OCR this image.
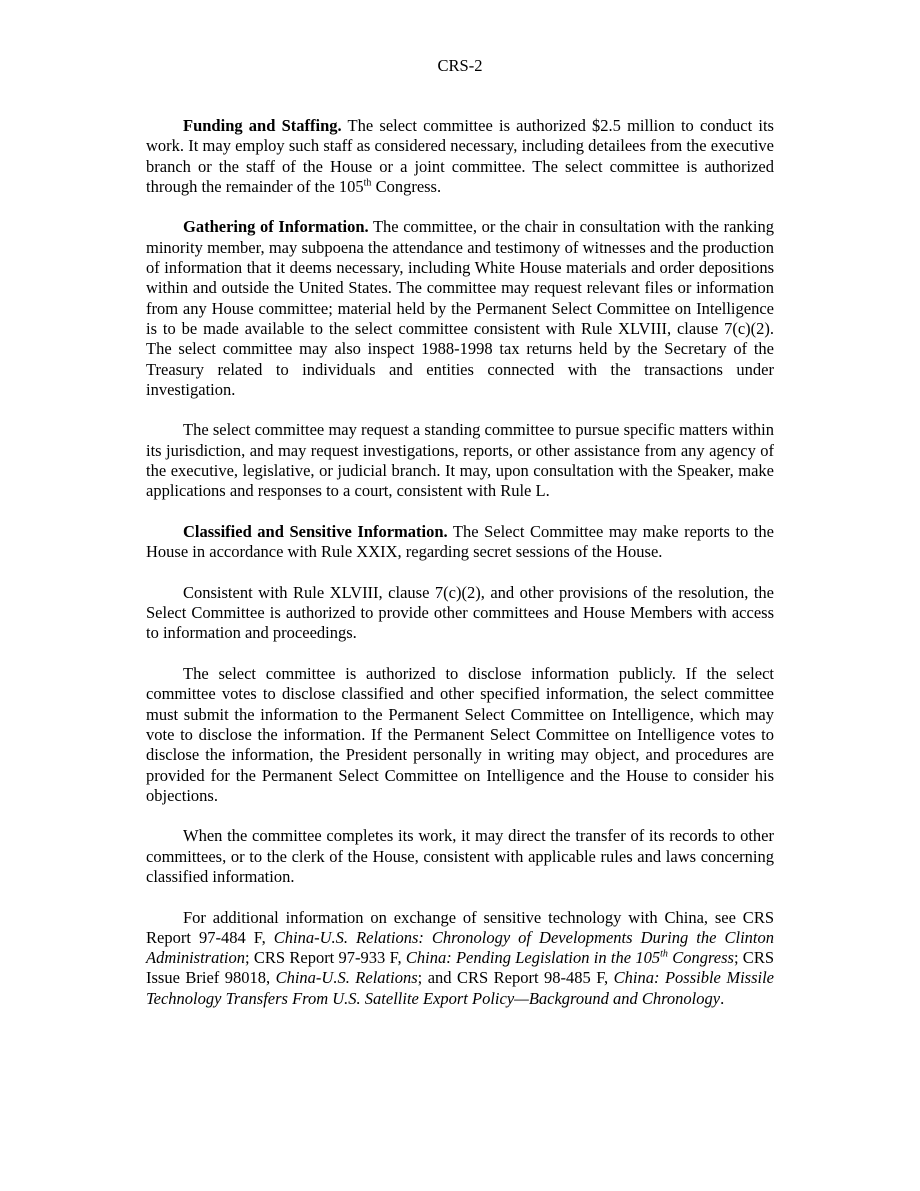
CRS-2

Funding and Staffing. The select committee is authorized $2.5 million to conduct its work. It may employ such staff as considered necessary, including detailees from the executive branch or the staff of the House or a joint committee. The select committee is authorized through the remainder of the 105th Congress.

Gathering of Information. The committee, or the chair in consultation with the ranking minority member, may subpoena the attendance and testimony of witnesses and the production of information that it deems necessary, including White House materials and order depositions within and outside the United States. The committee may request relevant files or information from any House committee; material held by the Permanent Select Committee on Intelligence is to be made available to the select committee consistent with Rule XLVIII, clause 7(c)(2). The select committee may also inspect 1988-1998 tax returns held by the Secretary of the Treasury related to individuals and entities connected with the transactions under investigation.

The select committee may request a standing committee to pursue specific matters within its jurisdiction, and may request investigations, reports, or other assistance from any agency of the executive, legislative, or judicial branch. It may, upon consultation with the Speaker, make applications and responses to a court, consistent with Rule L.

Classified and Sensitive Information. The Select Committee may make reports to the House in accordance with Rule XXIX, regarding secret sessions of the House.

Consistent with Rule XLVIII, clause 7(c)(2), and other provisions of the resolution, the Select Committee is authorized to provide other committees and House Members with access to information and proceedings.

The select committee is authorized to disclose information publicly. If the select committee votes to disclose classified and other specified information, the select committee must submit the information to the Permanent Select Committee on Intelligence, which may vote to disclose the information. If the Permanent Select Committee on Intelligence votes to disclose the information, the President personally in writing may object, and procedures are provided for the Permanent Select Committee on Intelligence and the House to consider his objections.

When the committee completes its work, it may direct the transfer of its records to other committees, or to the clerk of the House, consistent with applicable rules and laws concerning classified information.

For additional information on exchange of sensitive technology with China, see CRS Report 97-484 F, China-U.S. Relations: Chronology of Developments During the Clinton Administration; CRS Report 97-933 F, China: Pending Legislation in the 105th Congress; CRS Issue Brief 98018, China-U.S. Relations; and CRS Report 98-485 F, China: Possible Missile Technology Transfers From U.S. Satellite Export Policy—Background and Chronology.
